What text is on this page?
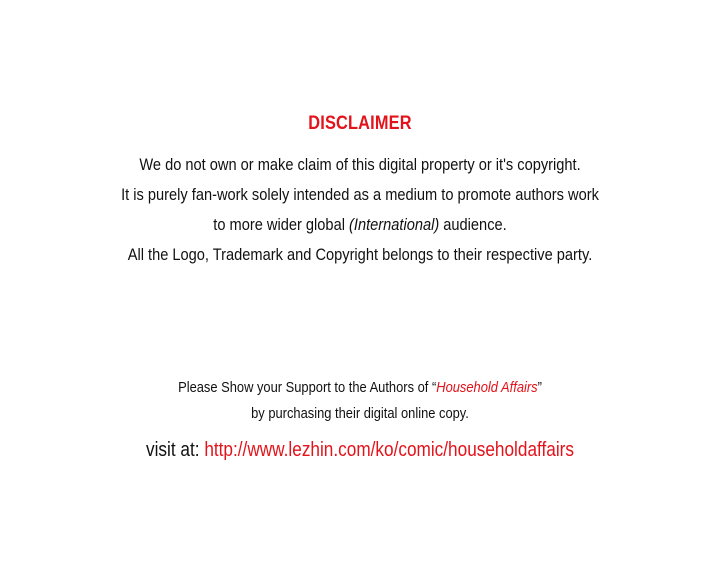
DISCLAIMER
We do not own or make claim of this digital property or it's copyright.
It is purely fan-work solely intended as a medium to promote authors work
to more wider global (International) audience.
All the Logo, Trademark and Copyright belongs to their respective party.
Please Show your Support to the Authors of “Household Affairs”
by purchasing their digital online copy.
visit at: http://www.lezhin.com/ko/comic/householdaffairs
